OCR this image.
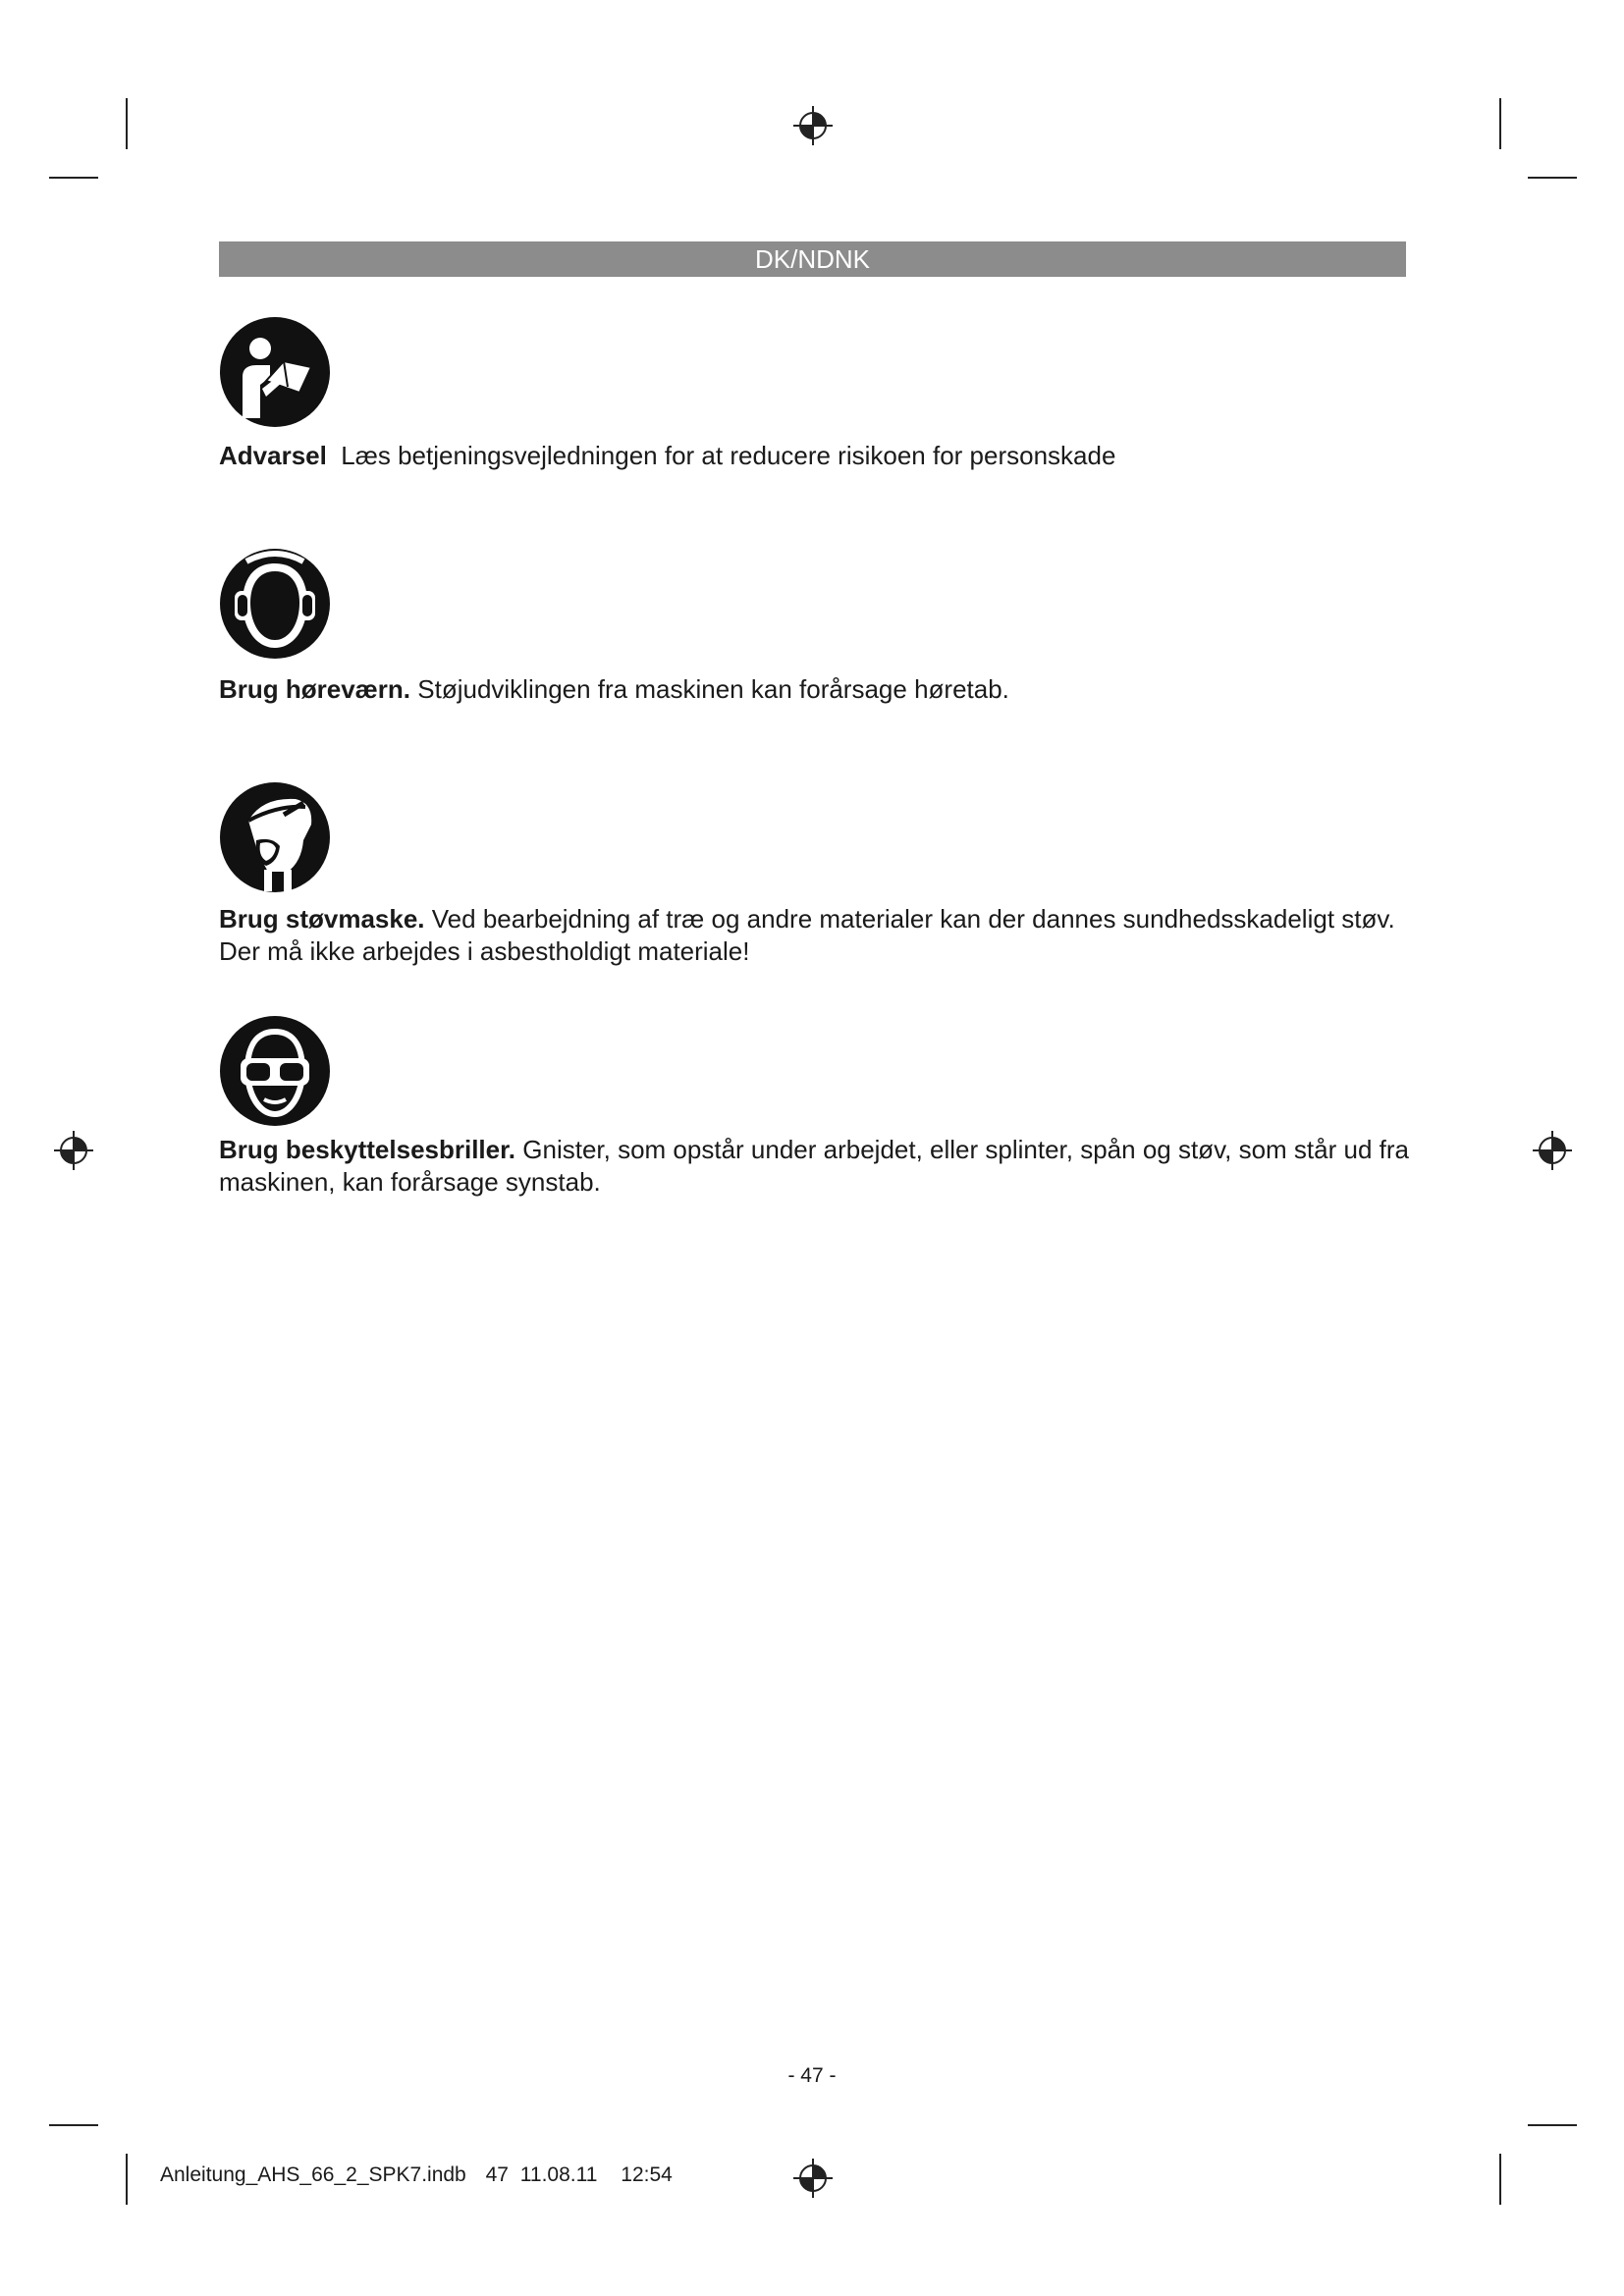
DK/NDNK
Advarsel Læs betjeningsvejledningen for at reducere risikoen for personskade
Brug høreværn. Støjudviklingen fra maskinen kan forårsage høretab.
Brug støvmaske. Ved bearbejdning af træ og andre materialer kan der dannes sundhedsskadeligt støv. Der må ikke arbejdes i asbestholdigt materiale!
Brug beskyttelsesbriller. Gnister, som opstår under arbejdet, eller splinter, spån og støv, som står ud fra maskinen, kan forårsage synstab.
- 47 -
Anleitung_AHS_66_2_SPK7.indb 47 11.08.11 12:54
